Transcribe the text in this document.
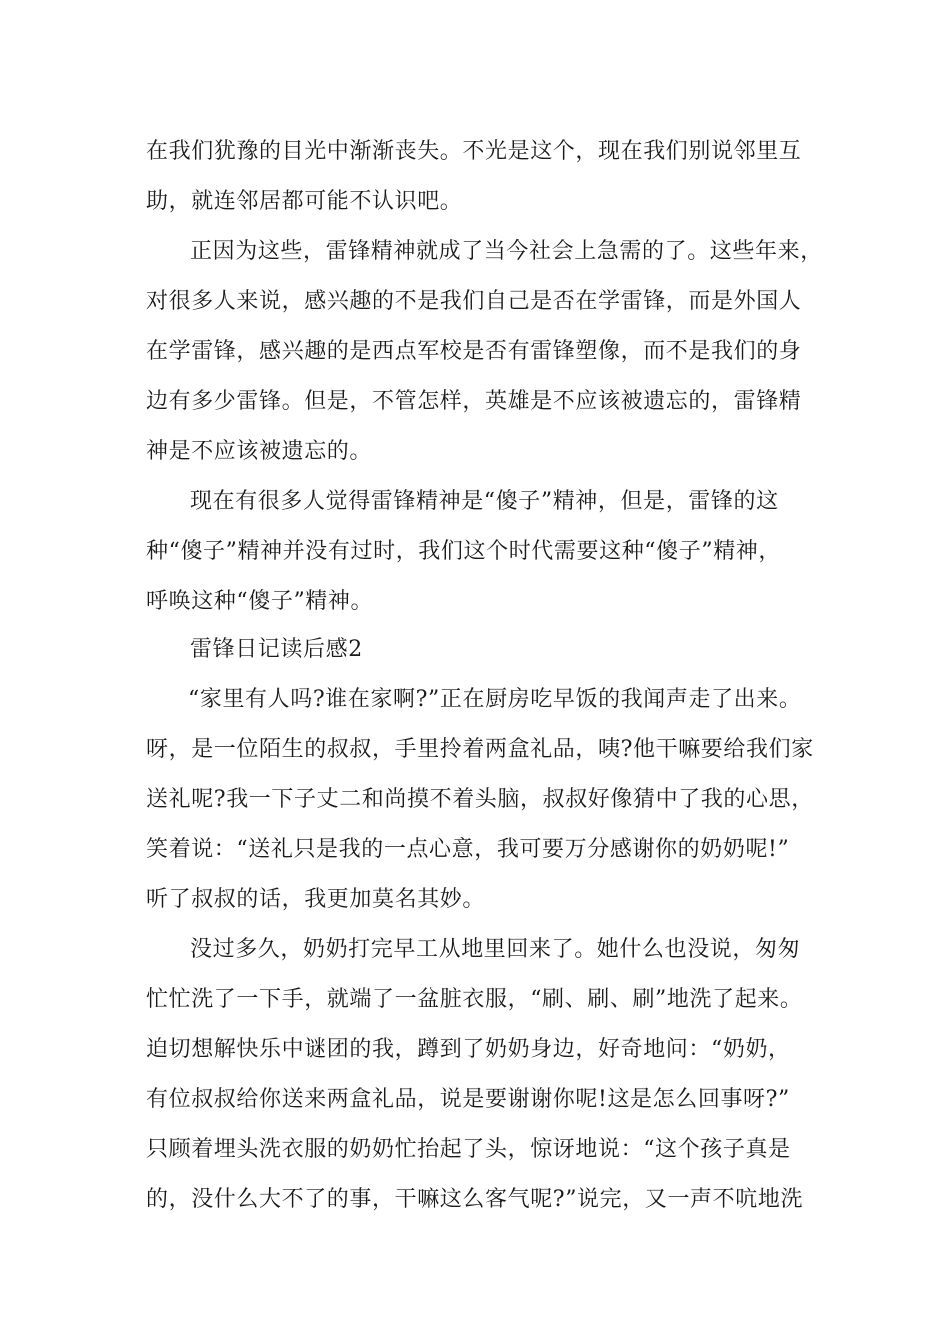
在我们犹豫的目光中渐渐丧失。不光是这个，现在我们别说邻里互
助，就连邻居都可能不认识吧。
正因为这些，雷锋精神就成了当今社会上急需的了。这些年来，
对很多人来说，感兴趣的不是我们自己是否在学雷锋，而是外国人
在学雷锋，感兴趣的是西点军校是否有雷锋塑像，而不是我们的身
边有多少雷锋。但是，不管怎样，英雄是不应该被遗忘的，雷锋精
神是不应该被遗忘的。
现在有很多人觉得雷锋精神是“傻子”精神，但是，雷锋的这
种“傻子”精神并没有过时，我们这个时代需要这种“傻子”精神，
呼唤这种“傻子”精神。
雷锋日记读后感2
“家里有人吗?谁在家啊?”正在厨房吃早饭的我闻声走了出来。
呀，是一位陌生的叔叔，手里拎着两盒礼品，咦?他干嘛要给我们家
送礼呢?我一下子丈二和尚摸不着头脑，叔叔好像猜中了我的心思，
笑着说：“送礼只是我的一点心意，我可要万分感谢你的奶奶呢!”
听了叔叔的话，我更加莫名其妙。
没过多久，奶奶打完早工从地里回来了。她什么也没说，匆匆
忙忙洗了一下手，就端了一盆脏衣服，“刷、刷、刷”地洗了起来。
迫切想解快乐中谜团的我，蹲到了奶奶身边，好奇地问：“奶奶，
有位叔叔给你送来两盒礼品，说是要谢谢你呢!这是怎么回事呀?”
只顾着埋头洗衣服的奶奶忙抬起了头，惊讶地说：“这个孩子真是
的，没什么大不了的事，干嘛这么客气呢?”说完，又一声不吭地洗
